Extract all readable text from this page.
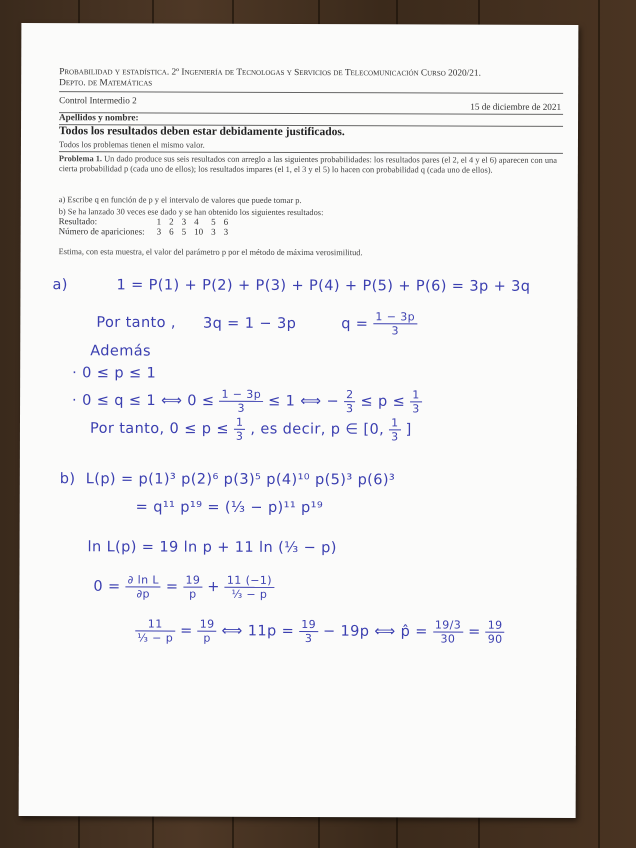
Probabilidad y estadística. 2º Ingeniería de Tecnologas y Servicios de Telecomunicación Curso 2020/21.
Depto. de Matemáticas
Control Intermedio 2
15 de diciembre de 2021
Apellidos y nombre:
Todos los resultados deben estar debidamente justificados.
Todos los problemas tienen el mismo valor.
Problema 1. Un dado produce sus seis resultados con arreglo a las siguientes probabilidades: los resultados pares (el 2, el 4 y el 6) aparecen con una cierta probabilidad p (cada uno de ellos); los resultados impares (el 1, el 3 y el 5) lo hacen con probabilidad q (cada uno de ellos).
a) Escribe q en función de p y el intervalo de valores que puede tomar p.
b) Se ha lanzado 30 veces ese dado y se han obtenido los siguientes resultados:
Resultado:	1	2	3	4	5	6
Número de apariciones:	3	6	5	10	3	3
Estima, con esta muestra, el valor del parámetro p por el método de máxima verosimilitud.
a)	1 = P(1) + P(2) + P(3) + P(4) + P(5) + P(6) = 3p + 3q
Por tanto , 3q = 1 − 3p	$q = \frac{1 - 3p}{3}$
Además
· 0 ≤ p ≤ 1
· 0 ≤ q ≤ 1 ⟺ $0 \le \frac{1 - 3p}{3} \le 1$ ⟺ − $\frac{2}{3} \le p \le \frac{1}{3}$
Por tanto, $0 \le p \le \frac{1}{3}$ , es decir, p ∈ [0, $\frac{1}{3}$ ]
b) L(p) = p(1)³ p(2)⁶ p(3)⁵ p(4)¹⁰ p(5)³ p(6)³
= q¹¹ p¹⁹ = (⅓ − p)¹¹ p¹⁹
ln L(p) = 19 ln p + 11 ln (⅓ − p)
$0 = \frac{\text{∂ ln L}}{\partial p} = \frac{19}{p} + \frac{11 (-1)}{\text{⅓ − p}}$
$\frac{11}{\text{⅓ − p}} = \frac{19}{p}$ ⟺ $11p = \frac{19}{3} - 19p$ ⟺ p̂ = $\frac{19/3}{30} = \frac{19}{90}$
